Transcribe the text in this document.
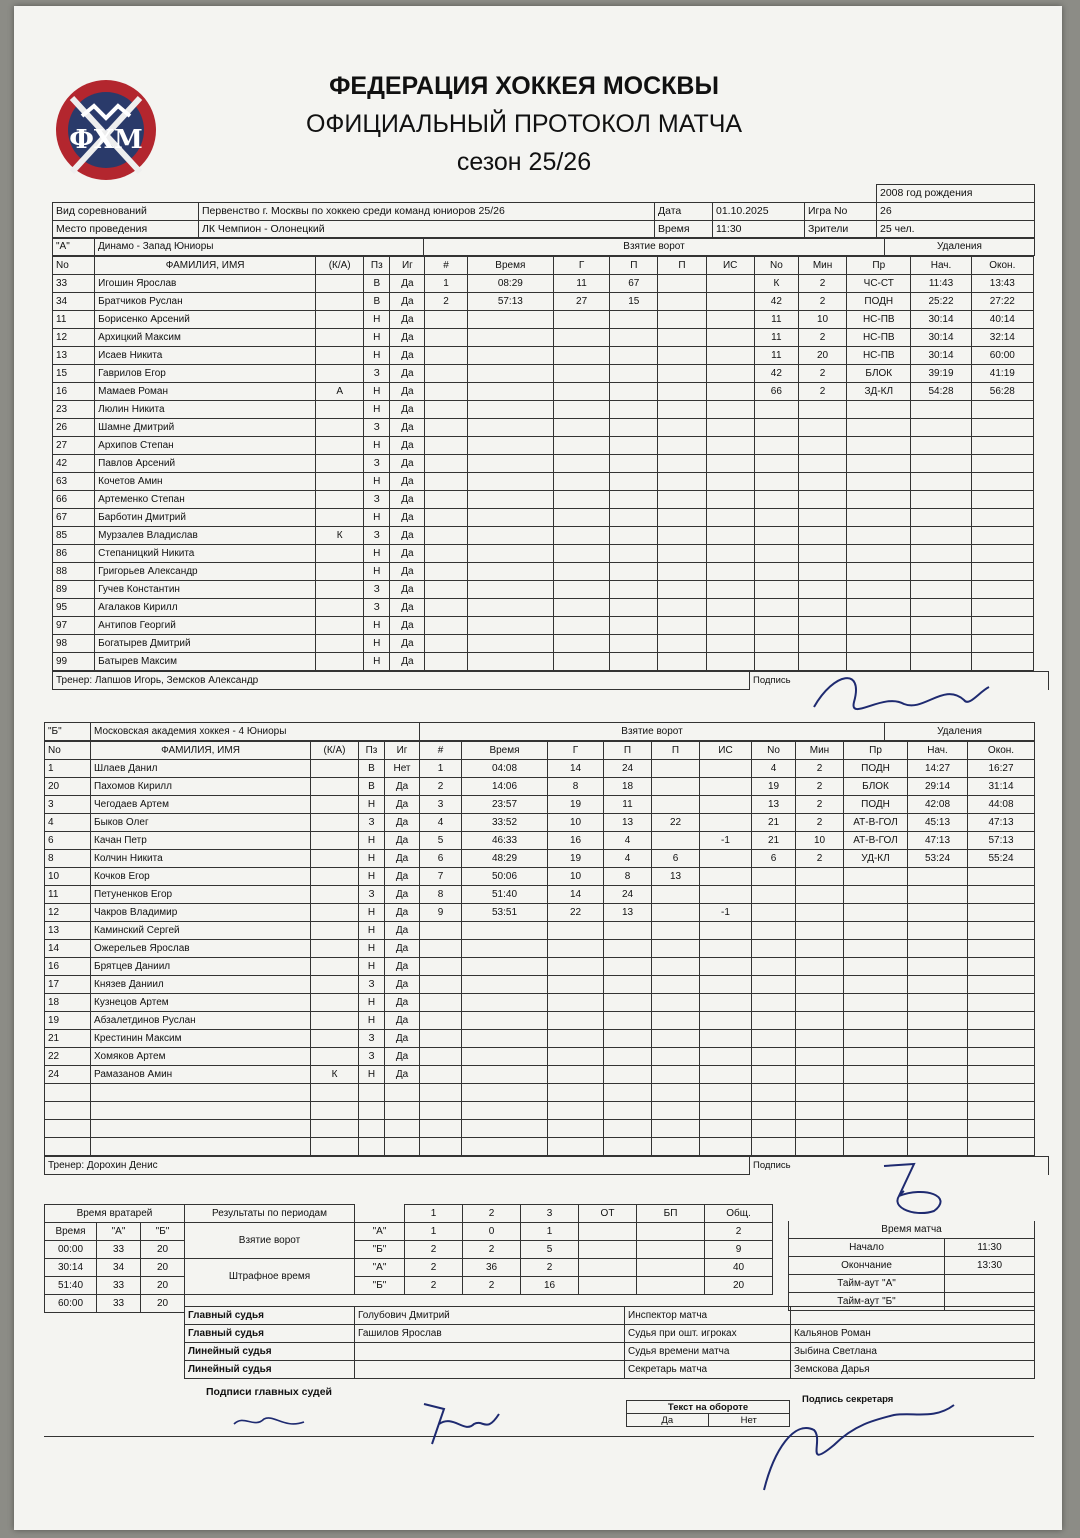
ФХМ
ФЕДЕРАЦИЯ ХОККЕЯ МОСКВЫ
ОФИЦИАЛЬНЫЙ ПРОТОКОЛ МАТЧА
сезон 25/26
					2008 год рождения
Вид соревнований	Первенство г. Москвы по хоккею среди команд юниоров 25/26	Дата	01.10.2025	Игра No	26
Место проведения	ЛК Чемпион - Олонецкий	Время	11:30	Зрители	25 чел.
"А"	Динамо - Запад Юниоры	Взятие ворот	Удаления
No	ФАМИЛИЯ, ИМЯ	(К/А)	Пз	Иг	#	Время	Г	П	П	ИС	No	Мин	Пр	Нач.	Окон.
33	Игошин Ярослав		В	Да	1	08:29	11	67			К	2	ЧС-СТ	11:43	13:43
34	Братчиков Руслан		В	Да	2	57:13	27	15			42	2	ПОДН	25:22	27:22
11	Борисенко Арсений		Н	Да							11	10	НС-ПВ	30:14	40:14
12	Архицкий Максим		Н	Да							11	2	НС-ПВ	30:14	32:14
13	Исаев Никита		Н	Да							11	20	НС-ПВ	30:14	60:00
15	Гаврилов Егор		З	Да							42	2	БЛОК	39:19	41:19
16	Мамаев Роман	А	Н	Да							66	2	ЗД-КЛ	54:28	56:28
23	Люлин Никита		Н	Да											
26	Шамне Дмитрий		З	Да											
27	Архипов Степан		Н	Да											
42	Павлов Арсений		З	Да											
63	Кочетов Амин		Н	Да											
66	Артеменко Степан		З	Да											
67	Барботин Дмитрий		Н	Да											
85	Мурзалев Владислав	К	З	Да											
86	Степаницкий Никита		Н	Да											
88	Григорьев Александр		Н	Да											
89	Гучев Константин		З	Да											
95	Агалаков Кирилл		З	Да											
97	Антипов Георгий		Н	Да											
98	Богатырев Дмитрий		Н	Да											
99	Батырев Максим		Н	Да											
Тренер: Лапшов Игорь, Земсков Александр	Подпись
"Б"	Московская академия хоккея - 4 Юниоры	Взятие ворот	Удаления
No	ФАМИЛИЯ, ИМЯ	(К/А)	Пз	Иг	#	Время	Г	П	П	ИС	No	Мин	Пр	Нач.	Окон.
1	Шлаев Данил		В	Нет	1	04:08	14	24			4	2	ПОДН	14:27	16:27
20	Пахомов Кирилл		В	Да	2	14:06	8	18			19	2	БЛОК	29:14	31:14
3	Чегодаев Артем		Н	Да	3	23:57	19	11			13	2	ПОДН	42:08	44:08
4	Быков Олег		З	Да	4	33:52	10	13	22		21	2	АТ-В-ГОЛ	45:13	47:13
6	Качан Петр		Н	Да	5	46:33	16	4		-1	21	10	АТ-В-ГОЛ	47:13	57:13
8	Колчин Никита		Н	Да	6	48:29	19	4	6		6	2	УД-КЛ	53:24	55:24
10	Кочков Егор		Н	Да	7	50:06	10	8	13						
11	Петуненков Егор		З	Да	8	51:40	14	24							
12	Чакров Владимир		Н	Да	9	53:51	22	13		-1					
13	Каминский Сергей		Н	Да											
14	Ожерельев Ярослав		Н	Да											
16	Брятцев Даниил		Н	Да											
17	Князев Даниил		З	Да											
18	Кузнецов Артем		Н	Да											
19	Абзалетдинов Руслан		Н	Да											
21	Крестинин Максим		З	Да											
22	Хомяков Артем		З	Да											
24	Рамазанов Амин	К	Н	Да											

Тренер: Дорохин Денис	Подпись
Время вратарей		
Время	"А"	"Б"
00:00	33	20
30:14	34	20
51:40	33	20
60:00	33	20
Результаты по периодам		1	2	3	ОТ	БП	Общ.
Взятие ворот	"А"	1	0	1			2
	"Б"	2	2	5			9
Штрафное время	"А"	2	36	2			40
	"Б"	2	2	16			20
Время матча	
Начало	11:30
Окончание	13:30
Тайм-аут "А"	
Тайм-аут "Б"	
Главный судья	Голубович Дмитрий
Главный судья	Гашилов Ярослав
Линейный судья	
Линейный судья	
Подписи главных судей
Инспектор матча	
Судья при ошт. игроках	Кальянов Роман
Судья времени матча	Зыбина Светлана
Секретарь матча	Земскова Дарья
Текст на обороте
Да	Нет
Подпись секретаря
